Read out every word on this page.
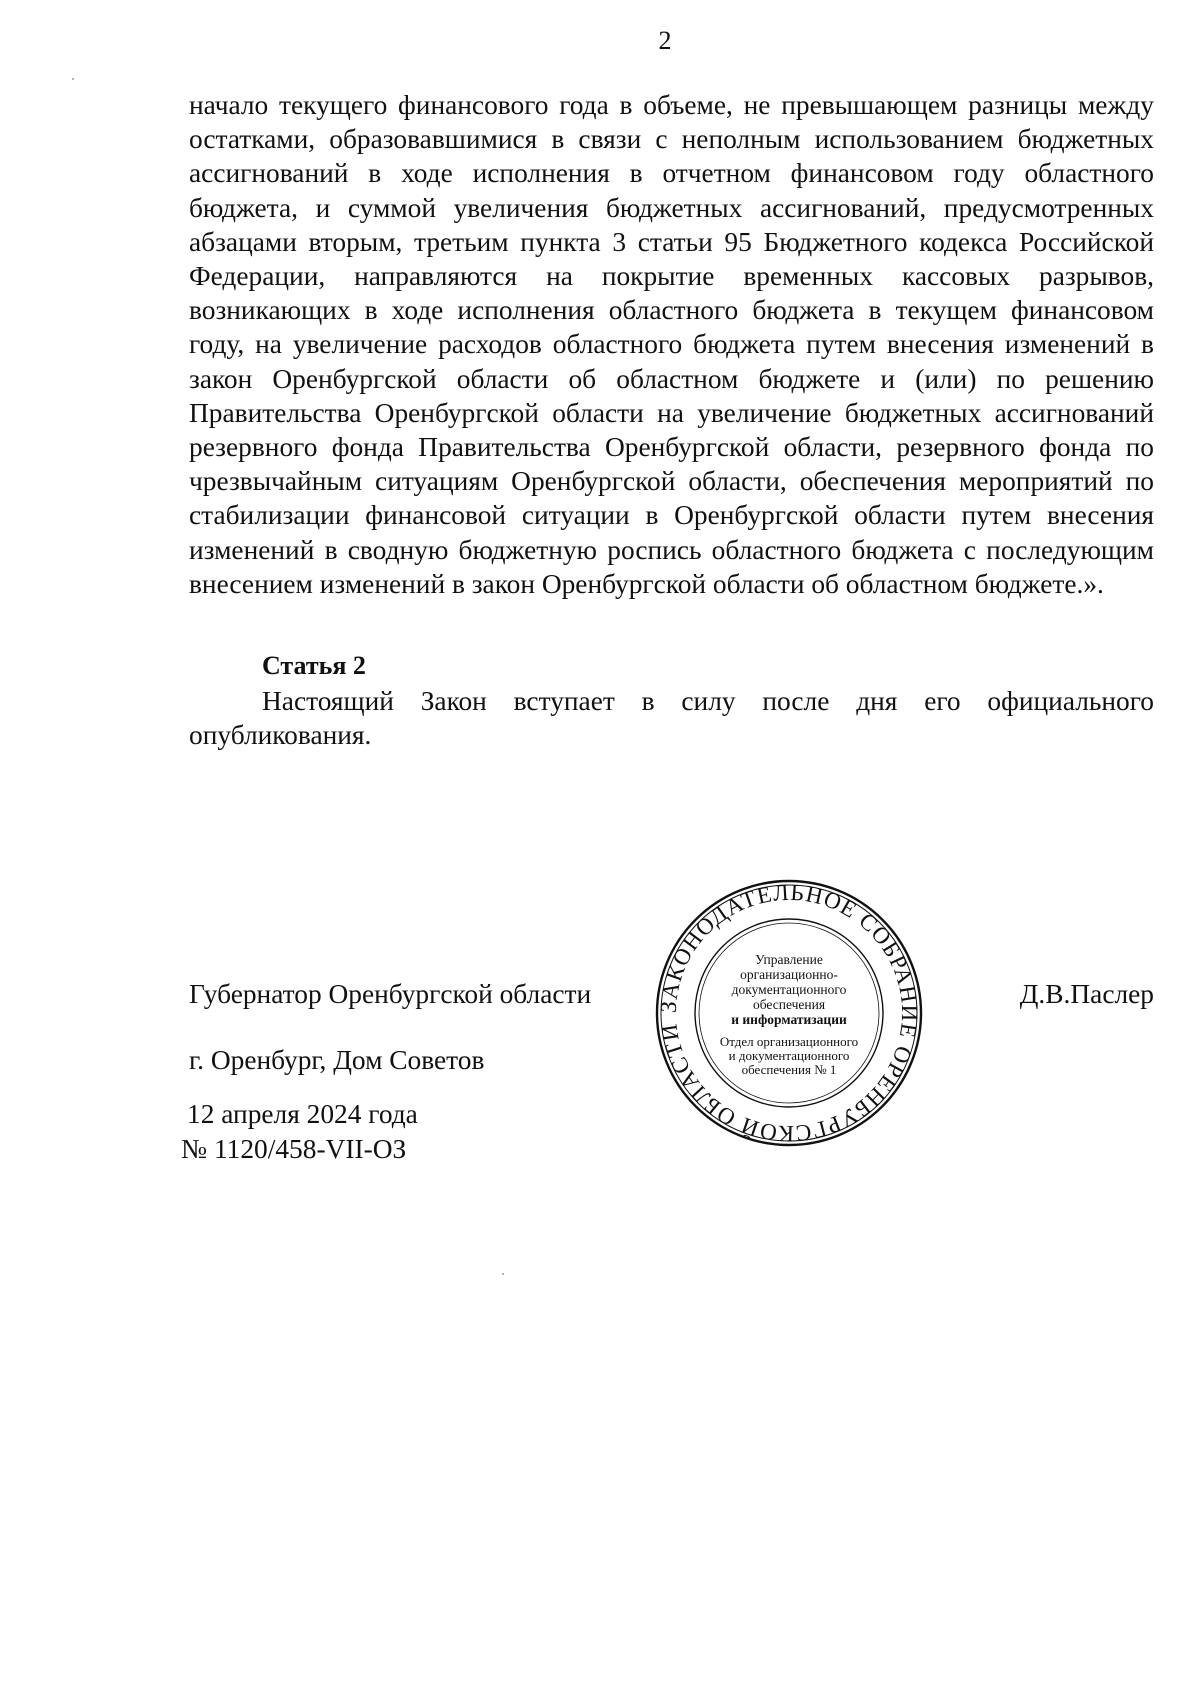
2

начало текущего финансового года в объеме, не превышающем разницы между остатками, образовавшимися в связи с неполным использованием бюджетных ассигнований в ходе исполнения в отчетном финансовом году областного бюджета, и суммой увеличения бюджетных ассигнований, предусмотренных абзацами вторым, третьим пункта 3 статьи 95 Бюджетного кодекса Российской Федерации, направляются на покрытие временных кассовых разрывов, возникающих в ходе исполнения областного бюджета в текущем финансовом году, на увеличение расходов областного бюджета путем внесения изменений в закон Оренбургской области об областном бюджете и (или) по решению Правительства Оренбургской области на увеличение бюджетных ассигнований резервного фонда Правительства Оренбургской области, резервного фонда по чрезвычайным ситуациям Оренбургской области, обеспечения мероприятий по стабилизации финансовой ситуации в Оренбургской области путем внесения изменений в сводную бюджетную роспись областного бюджета с последующим внесением изменений в закон Оренбургской области об областном бюджете.».

Статья 2

Настоящий Закон вступает в силу после дня его официального опубликования.

Губернатор Оренбургской области	Д.В.Паслер
г. Оренбург, Дом Советов
12 апреля 2024 года
№ 1120/458-VII-ОЗ
ЗАКОНОДАТЕЛЬНОЕ СОБРАНИЕ ОРЕНБУРГСКОЙ ОБЛАСТИ
Управление
организационно-
документационного
обеспечения
и информатизации
Отдел организационного
и документационного
обеспечения № 1
